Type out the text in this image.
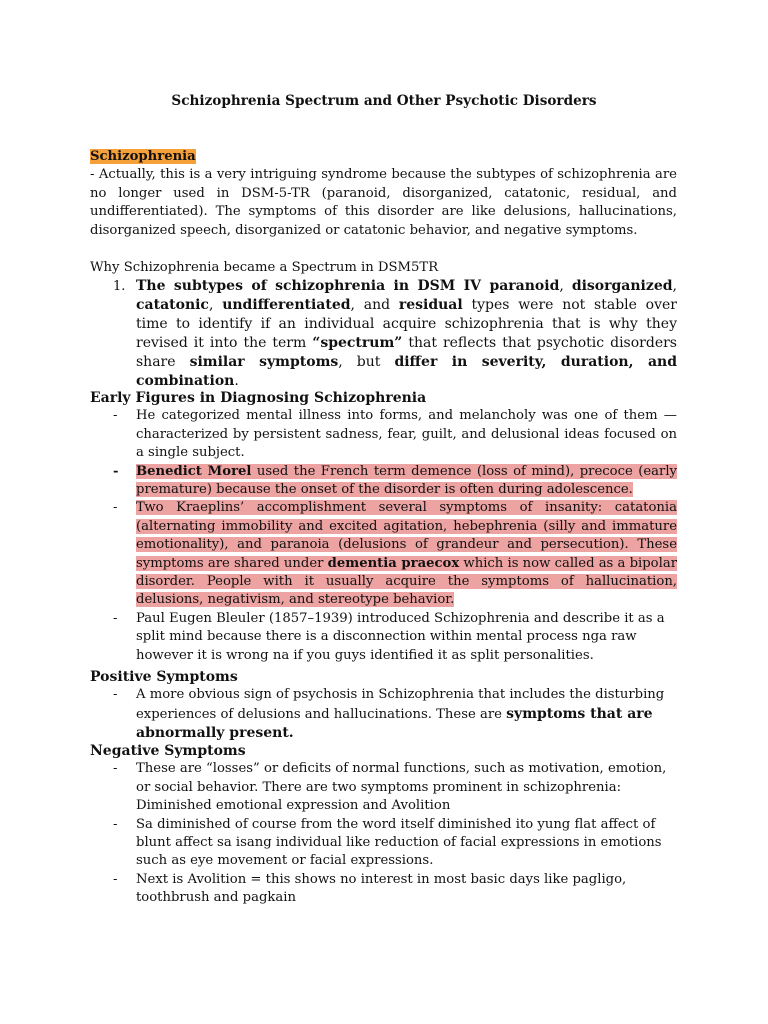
Schizophrenia Spectrum and Other Psychotic Disorders
Schizophrenia
- Actually, this is a very intriguing syndrome because the subtypes of schizophrenia are no longer used in DSM-5-TR (paranoid, disorganized, catatonic, residual, and undifferentiated). The symptoms of this disorder are like delusions, hallucinations, disorganized speech, disorganized or catatonic behavior, and negative symptoms.
Why Schizophrenia became a Spectrum in DSM5TR
1. The subtypes of schizophrenia in DSM IV paranoid, disorganized, catatonic, undifferentiated, and residual types were not stable over time to identify if an individual acquire schizophrenia that is why they revised it into the term “spectrum” that reflects that psychotic disorders share similar symptoms, but differ in severity, duration, and combination.
Early Figures in Diagnosing Schizophrenia
- He categorized mental illness into forms, and melancholy was one of them — characterized by persistent sadness, fear, guilt, and delusional ideas focused on a single subject.
- Benedict Morel used the French term demence (loss of mind), precoce (early premature) because the onset of the disorder is often during adolescence.
- Two Kraeplins’ accomplishment several symptoms of insanity: catatonia (alternating immobility and excited agitation, hebephrenia (silly and immature emotionality), and paranoia (delusions of grandeur and persecution). These symptoms are shared under dementia praecox which is now called as a bipolar disorder. People with it usually acquire the symptoms of hallucination, delusions, negativism, and stereotype behavior.
- Paul Eugen Bleuler (1857–1939) introduced Schizophrenia and describe it as a split mind because there is a disconnection within mental process nga raw however it is wrong na if you guys identified it as split personalities.
Positive Symptoms
- A more obvious sign of psychosis in Schizophrenia that includes the disturbing experiences of delusions and hallucinations. These are symptoms that are abnormally present.
Negative Symptoms
- These are “losses” or deficits of normal functions, such as motivation, emotion, or social behavior. There are two symptoms prominent in schizophrenia: Diminished emotional expression and Avolition
- Sa diminished of course from the word itself diminished ito yung flat affect of blunt affect sa isang individual like reduction of facial expressions in emotions such as eye movement or facial expressions.
- Next is Avolition = this shows no interest in most basic days like pagligo, toothbrush and pagkain
